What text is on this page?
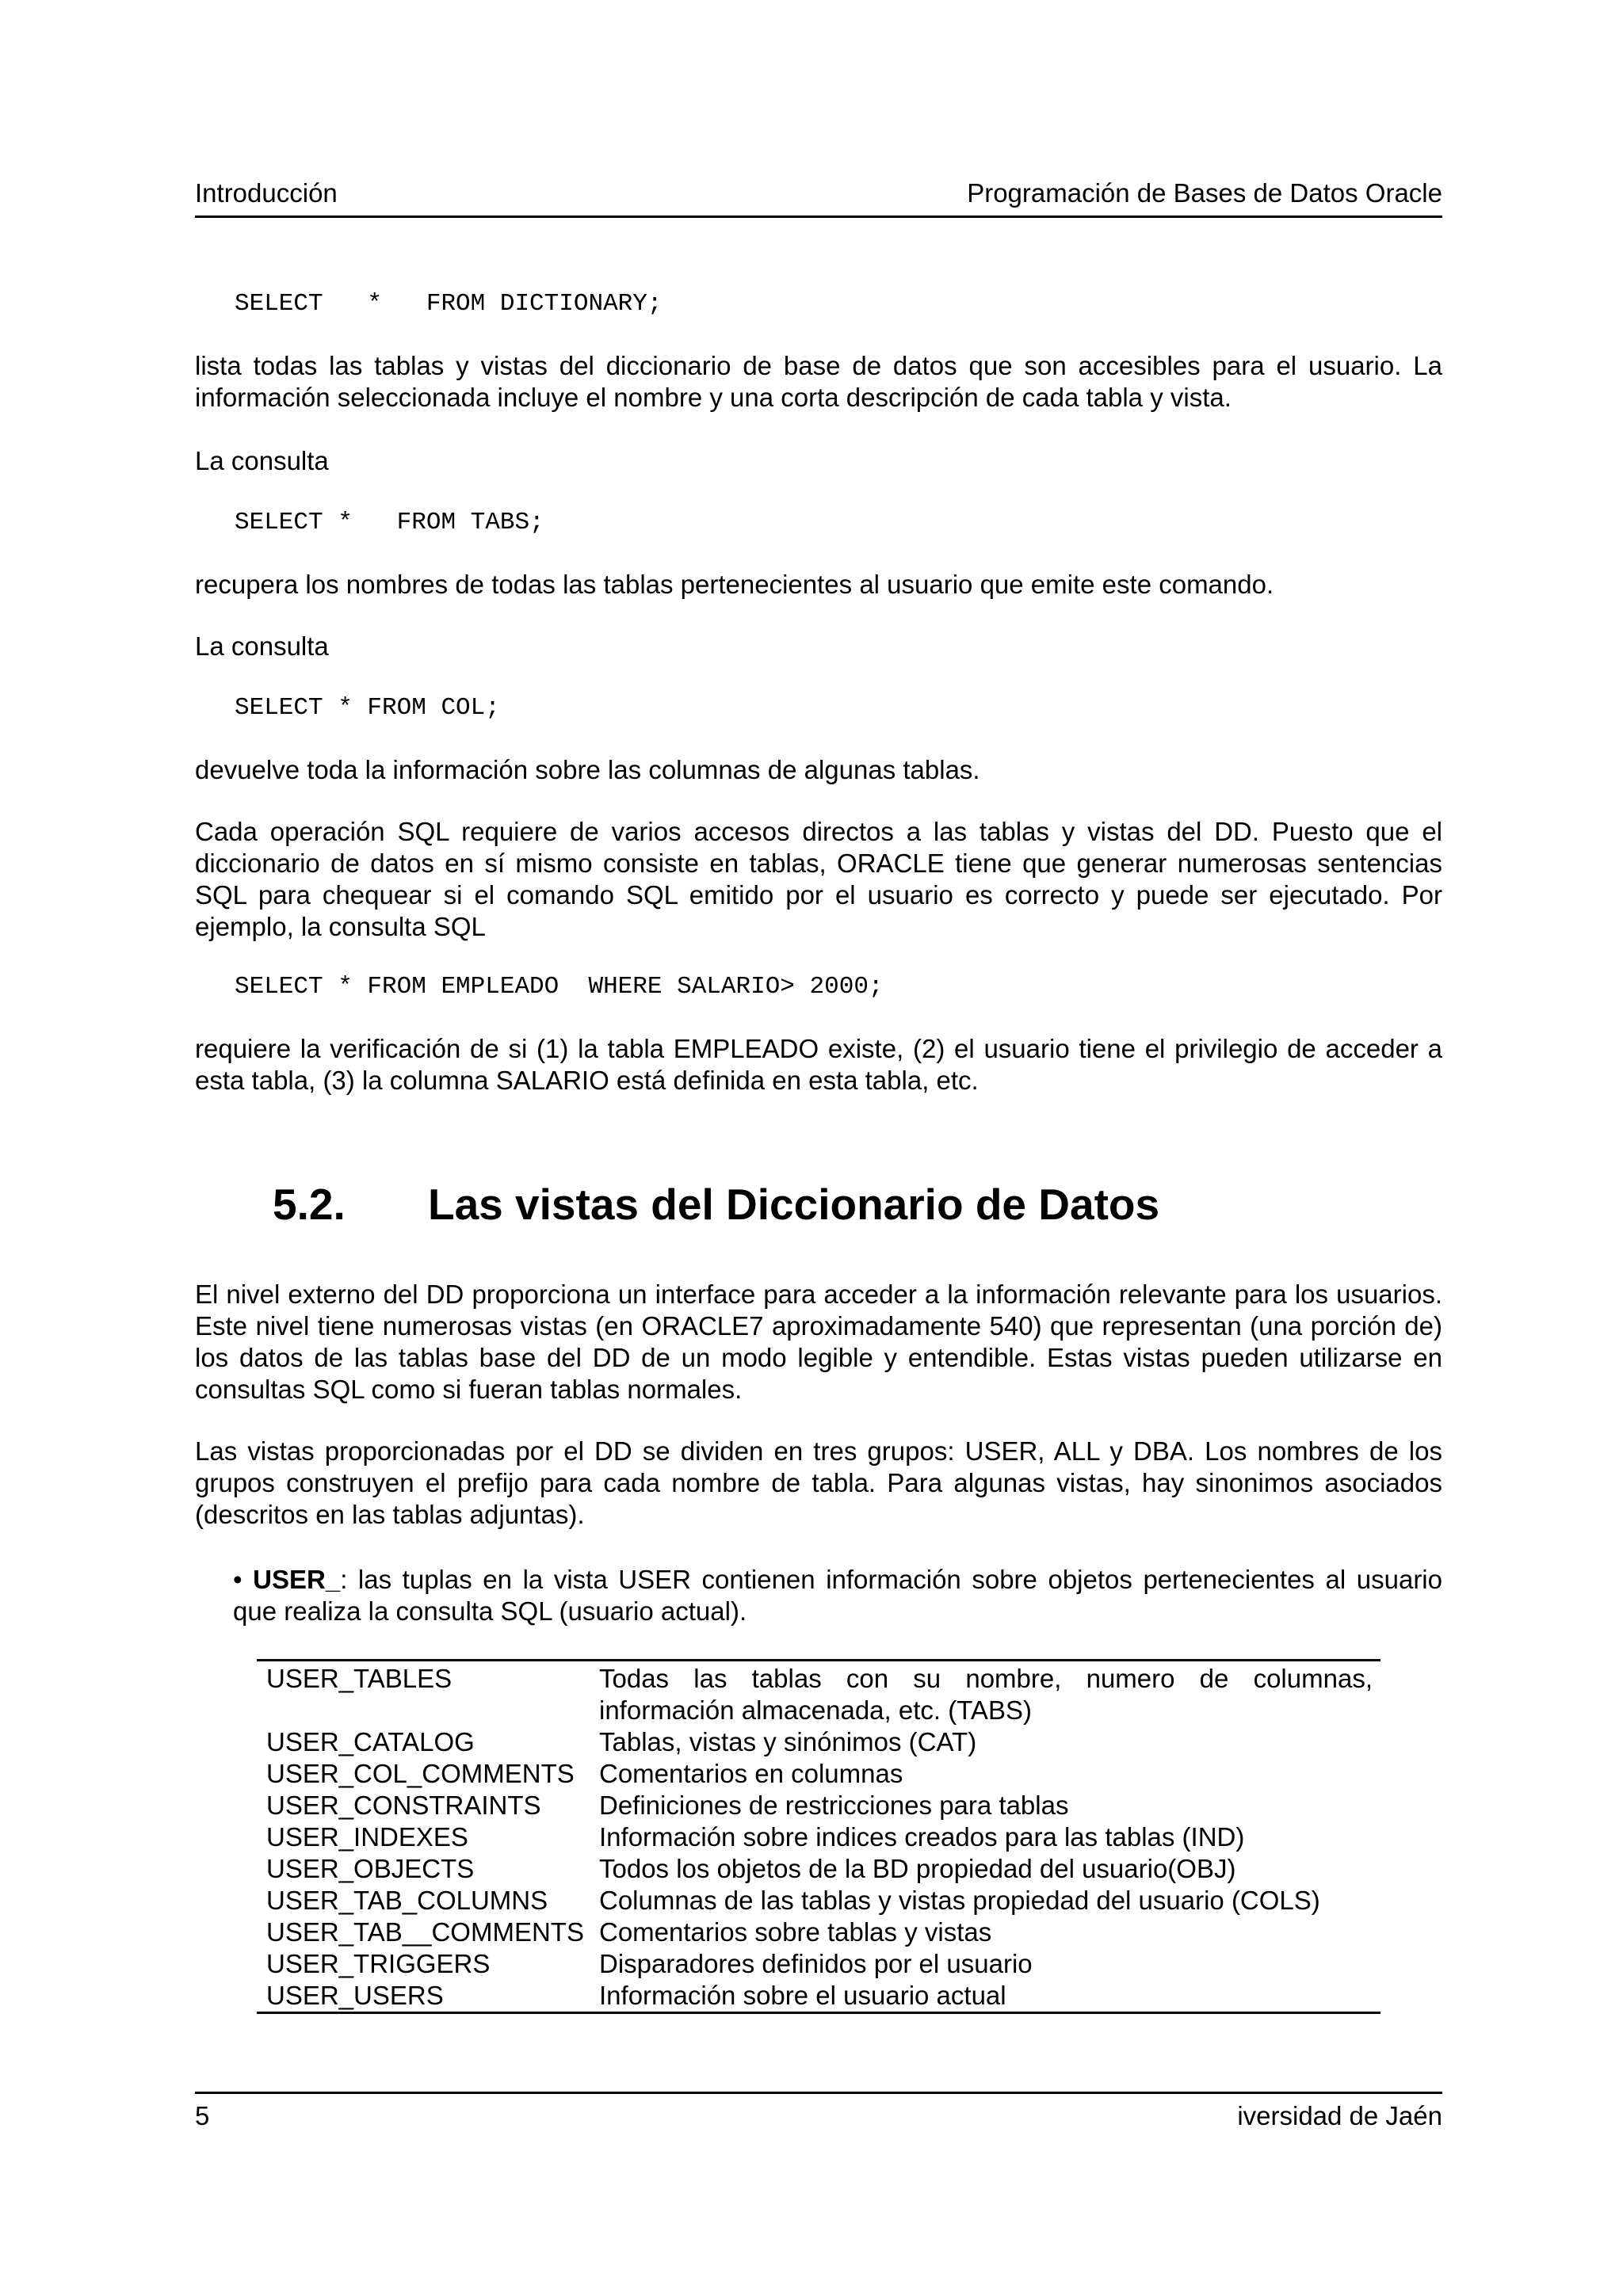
Introducción	Programación de Bases de Datos Oracle
SELECT   *   FROM DICTIONARY;
lista todas las tablas y vistas del diccionario de base de datos que son accesibles para el usuario. La información seleccionada incluye el nombre y una corta descripción de cada tabla y vista.
La consulta
SELECT *   FROM TABS;
recupera los nombres de todas las tablas pertenecientes al usuario que emite este comando.
La consulta
SELECT * FROM COL;
devuelve toda la información sobre las columnas de algunas tablas.
Cada operación SQL requiere de varios accesos directos a las tablas y vistas del DD. Puesto que el diccionario de datos en sí mismo consiste en tablas, ORACLE tiene que generar numerosas sentencias SQL para chequear si el comando SQL emitido por el usuario es correcto y puede ser ejecutado. Por ejemplo, la consulta SQL
SELECT * FROM EMPLEADO  WHERE SALARIO> 2000;
requiere la verificación de si (1) la tabla EMPLEADO existe, (2) el usuario tiene el privilegio de acceder a esta tabla, (3) la columna SALARIO está definida en esta tabla, etc.
5.2. Las vistas del Diccionario de Datos
El nivel externo del DD proporciona un interface para acceder a la información relevante para los usuarios. Este nivel tiene numerosas vistas (en ORACLE7 aproximadamente 540) que representan (una porción de) los datos de las tablas base del DD de un modo legible y entendible. Estas vistas pueden utilizarse en consultas SQL como si fueran tablas normales.
Las vistas proporcionadas por el DD se dividen en tres grupos: USER, ALL y DBA. Los nombres de los grupos construyen el prefijo para cada nombre de tabla. Para algunas vistas, hay sinonimos asociados (descritos en las tablas adjuntas).
• USER_: las tuplas en la vista USER contienen información sobre objetos pertenecientes al usuario que realiza la consulta SQL (usuario actual).
USER_TABLES	Todas las tablas con su nombre, numero de columnas, información almacenada, etc. (TABS)
USER_CATALOG	Tablas, vistas y sinónimos (CAT)
USER_COL_COMMENTS Comentarios en columnas
USER_CONSTRAINTS	Definiciones de restricciones para tablas
USER_INDEXES	Información sobre indices creados para las tablas (IND)
USER_OBJECTS	Todos los objetos de la BD propiedad del usuario(OBJ)
USER_TAB_COLUMNS	Columnas de las tablas y vistas propiedad del usuario (COLS)
USER_TAB__COMMENTS Comentarios sobre tablas y vistas
USER_TRIGGERS	Disparadores definidos por el usuario
USER_USERS	Información sobre el usuario actual
5	iversidad de Jaén
